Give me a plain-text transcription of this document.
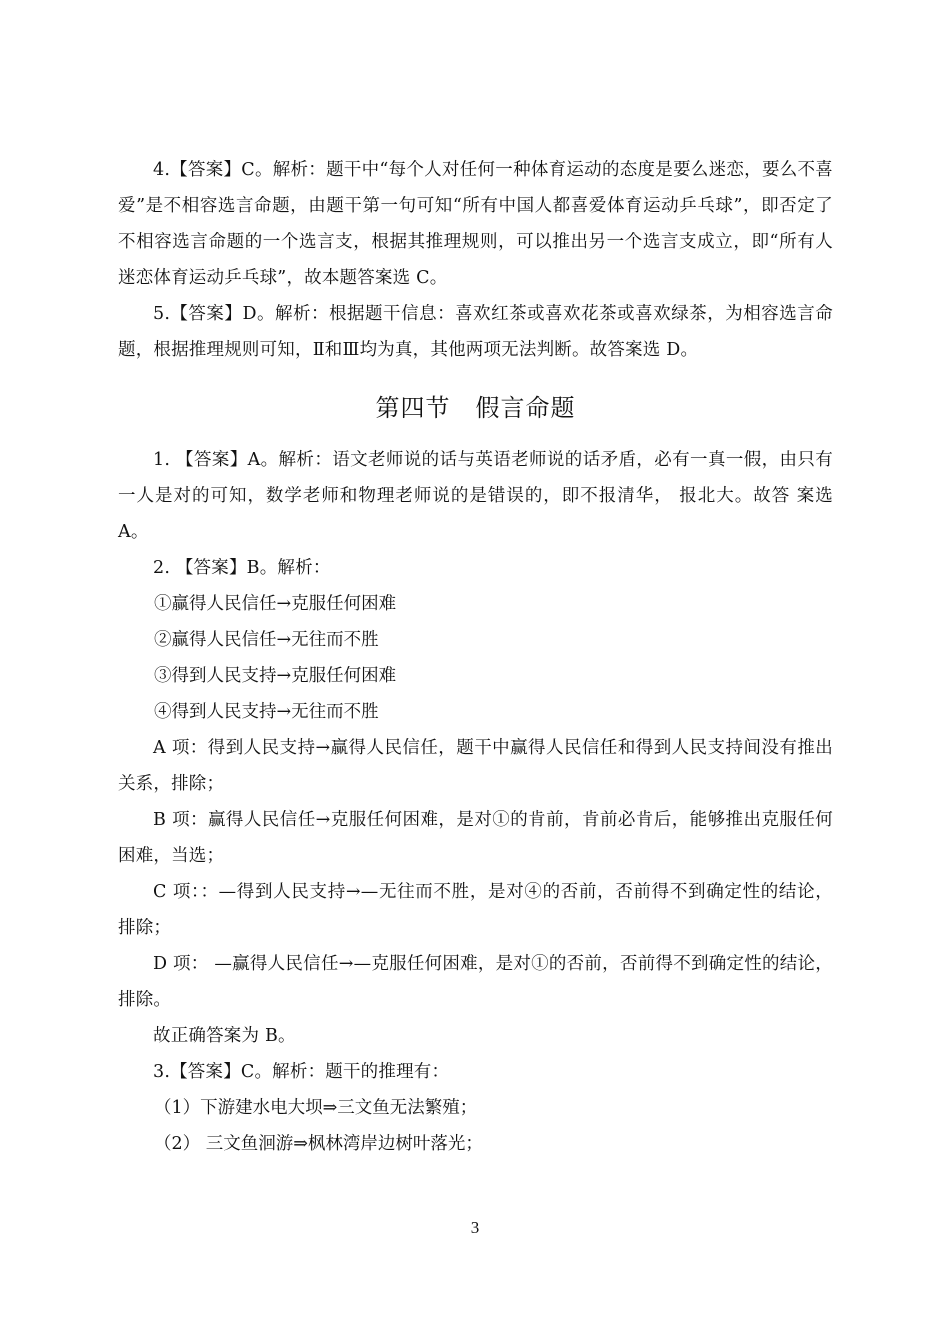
4.【答案】C。解析：题干中“每个人对任何一种体育运动的态度是要么迷恋，要么不喜爱”是不相容选言命题，由题干第一句可知“所有中国人都喜爱体育运动乒乓球”，即否定了不相容选言命题的一个选言支，根据其推理规则，可以推出另一个选言支成立，即“所有人迷恋体育运动乒乓球”，故本题答案选 C。

5.【答案】D。解析：根据题干信息：喜欢红茶或喜欢花茶或喜欢绿茶，为相容选言命题，根据推理规则可知，Ⅱ和Ⅲ均为真，其他两项无法判断。故答案选 D。

第四节　假言命题

1. 【答案】A。解析：语文老师说的话与英语老师说的话矛盾，必有一真一假，由只有一人是对的可知，数学老师和物理老师说的是错误的，即不报清华， 报北大。故答 案选 A。

2. 【答案】B。解析：

①赢得人民信任→克服任何困难

②赢得人民信任→无往而不胜

③得到人民支持→克服任何困难

④得到人民支持→无往而不胜

A 项：得到人民支持→赢得人民信任，题干中赢得人民信任和得到人民支持间没有推出关系，排除；

B 项：赢得人民信任→克服任何困难，是对①的肯前，肯前必肯后，能够推出克服任何困难，当选；

C 项：：—得到人民支持→—无往而不胜，是对④的否前，否前得不到确定性的结论，排除；

D 项： —赢得人民信任→—克服任何困难，是对①的否前，否前得不到确定性的结论，排除。

故正确答案为 B。

3.【答案】C。解析：题干的推理有：

（1）下游建水电大坝⇒三文鱼无法繁殖；

（2） 三文鱼洄游⇒枫林湾岸边树叶落光；

3
